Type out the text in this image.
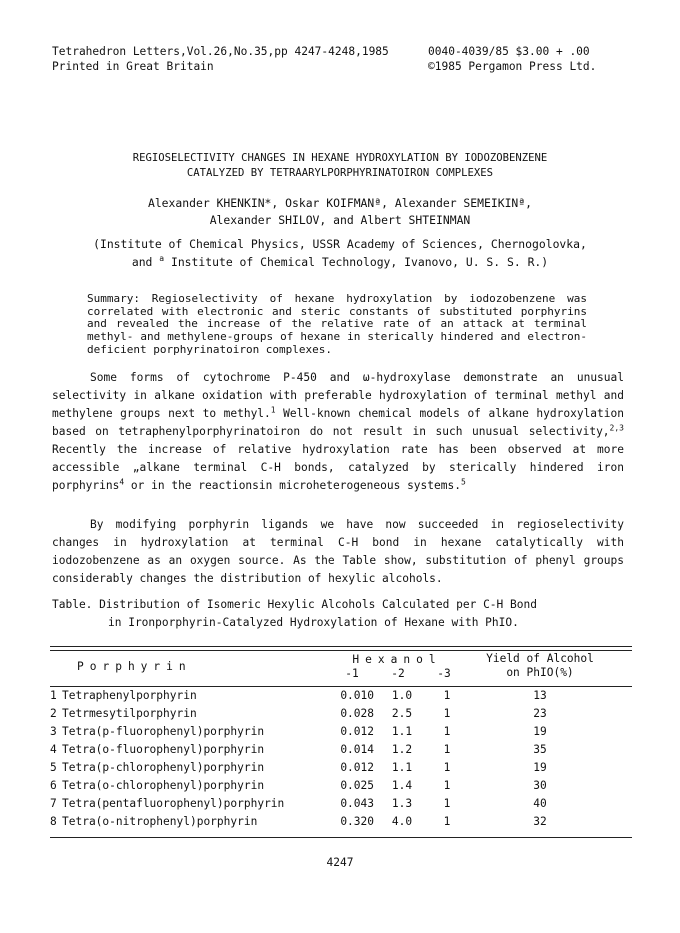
Tetrahedron Letters,Vol.26,No.35,pp 4247-4248,1985
Printed in Great Britain
0040-4039/85 $3.00 + .00
©1985 Pergamon Press Ltd.
REGIOSELECTIVITY CHANGES IN HEXANE HYDROXYLATION BY IODOZOBENZENE
CATALYZED BY TETRAARYLPORPHYRINATOIRON COMPLEXES
Alexander KHENKIN*, Oskar KOIFMANª, Alexander SEMEIKINª,
Alexander SHILOV, and Albert SHTEINMAN
(Institute of Chemical Physics, USSR Academy of Sciences, Chernogolovka,
and $^a$ Institute of Chemical Technology, Ivanovo, U. S. S. R.)
Summary: Regioselectivity of hexane hydroxylation by iodozobenzene was correlated with electronic and steric constants of substituted porphyrins and revealed the increase of the relative rate of an attack at terminal methyl- and methylene-groups of hexane in sterically hindered and electron-deficient porphyrinatoiron complexes.
Some forms of cytochrome P-450 and ω-hydroxylase demonstrate an unusual selectivity in alkane oxidation with preferable hydroxylation of terminal methyl and methylene groups next to methyl.$^1$ Well-known chemical models of alkane hydroxylation based on tetraphenylporphyrinatoiron do not result in such unusual selectivity,$^{2,3}$ Recently the increase of relative hydroxylation rate has been observed at more accessible „alkane terminal C-H bonds, catalyzed by sterically hindered iron porphyrins$^4$ or in the reactionsin microheterogeneous systems.$^5$
By modifying porphyrin ligands we have now succeeded in regioselectivity changes in hydroxylation at terminal C-H bond in hexane catalytically with iodozobenzene as an oxygen source. As the Table show, substitution of phenyl groups considerably changes the distribution of hexylic alcohols.
Table. Distribution of Isomeric Hexylic Alcohols Calculated per C-H Bond
in Ironporphyrin-Catalyzed Hydroxylation of Hexane with PhIO.
Porphyrin
Hexanol
-1	-2	-3
Yield of Alcohol
on PhIO(%)
1 Tetraphenylporphyrin	0.010	1.0	1	13
2 Tetrmesytilporphyrin	0.028	2.5	1	23
3 Tetra(p-fluorophenyl)porphyrin	0.012	1.1	1	19
4 Tetra(o-fluorophenyl)porphyrin	0.014	1.2	1	35
5 Tetra(p-chlorophenyl)porphyrin	0.012	1.1	1	19
6 Tetra(o-chlorophenyl)porphyrin	0.025	1.4	1	30
7 Tetra(pentafluorophenyl)porphyrin	0.043	1.3	1	40
8 Tetra(o-nitrophenyl)porphyrin	0.320	4.0	1	32
4247
